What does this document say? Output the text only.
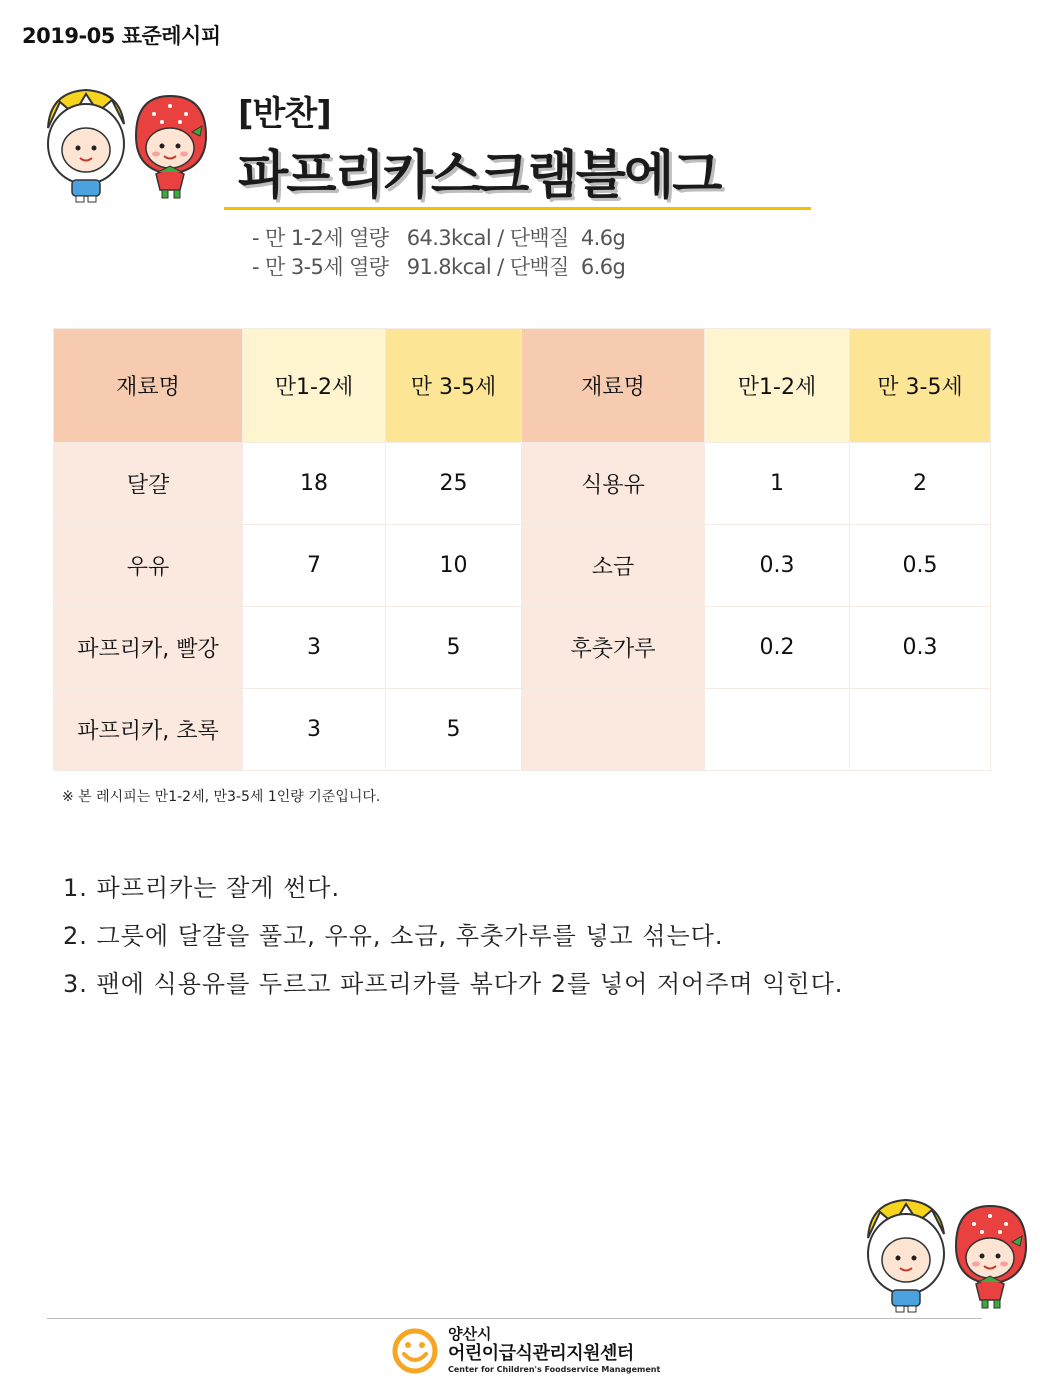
2019-05 표준레시피
[반찬]
파프리카스크램블에그
- 만 1-2세 열량 64.3kcal / 단백질 4.6g
- 만 3-5세 열량 91.8kcal / 단백질 6.6g
재료명	만1-2세	만 3-5세	재료명	만1-2세	만 3-5세
달걀	18	25	식용유	1	2
우유	7	10	소금	0.3	0.5
파프리카, 빨강	3	5	후춧가루	0.2	0.3
파프리카, 초록	3	5			
※ 본 레시피는 만1-2세, 만3-5세 1인량 기준입니다.
1. 파프리카는 잘게 썬다.
2. 그릇에 달걀을 풀고, 우유, 소금, 후춧가루를 넣고 섞는다.
3. 팬에 식용유를 두르고 파프리카를 볶다가 2를 넣어 저어주며 익힌다.
양산시
어린이급식관리지원센터
Center for Children's Foodservice Management
